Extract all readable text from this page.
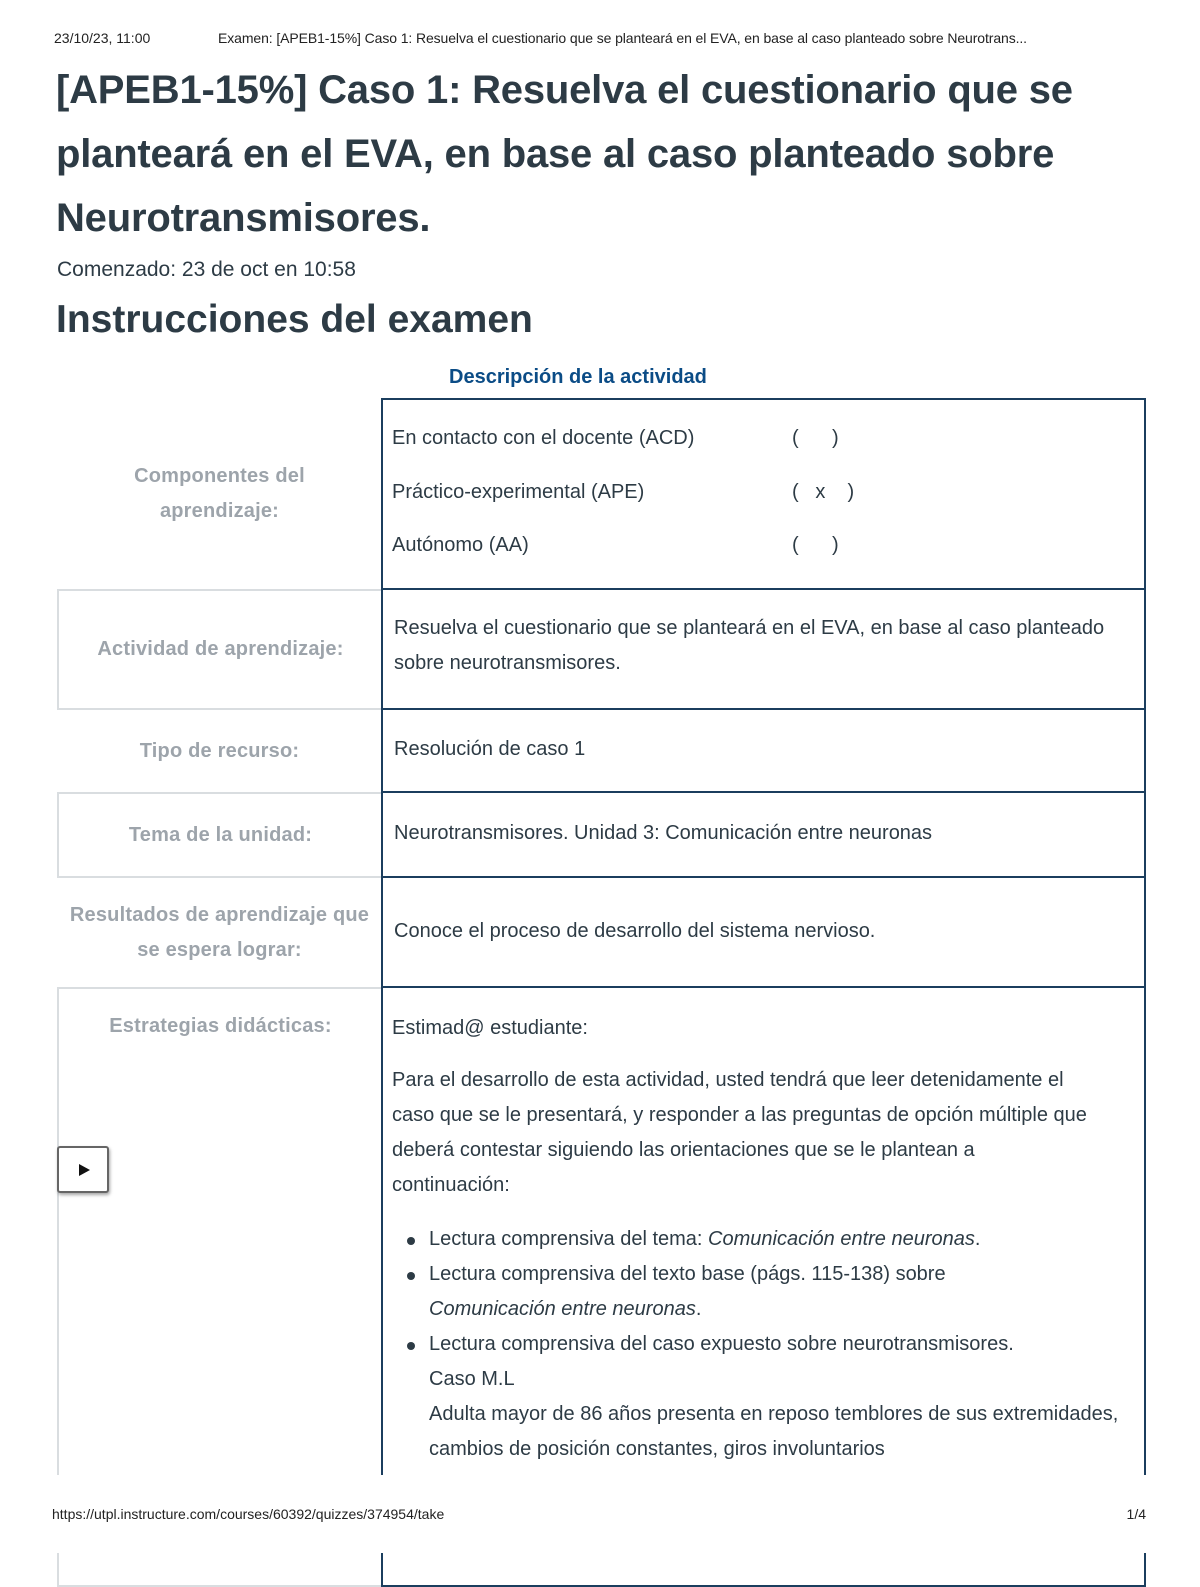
23/10/23, 11:00	Examen: [APEB1-15%] Caso 1: Resuelva el cuestionario que se planteará en el EVA, en base al caso planteado sobre Neurotrans...
[APEB1-15%] Caso 1: Resuelva el cuestionario que se planteará en el EVA, en base al caso planteado sobre Neurotransmisores.
Comenzado: 23 de oct en 10:58
Instrucciones del examen
Descripción de la actividad
Componentes del aprendizaje:
En contacto con el docente (ACD)	(      )
Práctico-experimental (APE)	(   x    )
Autónomo (AA)	(      )
Actividad de aprendizaje:
Resuelva el cuestionario que se planteará en el EVA, en base al caso planteado sobre neurotransmisores.
Tipo de recurso:	Resolución de caso 1
Tema de la unidad:	Neurotransmisores. Unidad 3: Comunicación entre neuronas
Resultados de aprendizaje que se espera lograr:
Conoce el proceso de desarrollo del sistema nervioso.
Estrategias didácticas:	Estimad@ estudiante:
Para el desarrollo de esta actividad, usted tendrá que leer detenidamente el caso que se le presentará, y responder a las preguntas de opción múltiple que deberá contestar siguiendo las orientaciones que se le plantean a continuación:
Lectura comprensiva del tema: Comunicación entre neuronas.
Lectura comprensiva del texto base (págs. 115-138) sobre
Comunicación entre neuronas.
Lectura comprensiva del caso expuesto sobre neurotransmisores.
Caso M.L
Adulta mayor de 86 años presenta en reposo temblores de sus extremidades, cambios de posición constantes, giros involuntarios
https://utpl.instructure.com/courses/60392/quizzes/374954/take	1/4
